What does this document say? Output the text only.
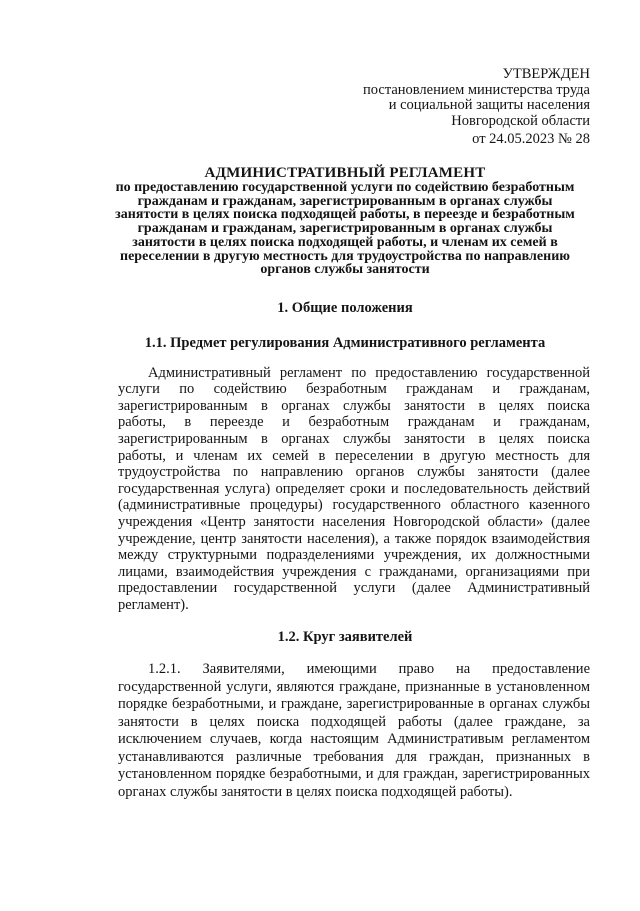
УТВЕРЖДЕН
постановлением министерства труда
и социальной защиты населения
Новгородской области
от 24.05.2023 № 28
АДМИНИСТРАТИВНЫЙ РЕГЛАМЕНТ
по предоставлению государственной услуги по содействию безработным
гражданам и гражданам, зарегистрированным в органах службы
занятости в целях поиска подходящей работы, в переезде и безработным
гражданам и гражданам, зарегистрированным в органах службы
занятости в целях поиска подходящей работы, и членам их семей в
переселении в другую местность для трудоустройства по направлению
органов службы занятости
1. Общие положения
1.1. Предмет регулирования Административного регламента
Административный регламент по предоставлению государственной
услуги по содействию безработным гражданам и гражданам,
зарегистрированным в органах службы занятости в целях поиска
работы, в переезде и безработным гражданам и гражданам,
зарегистрированным в органах службы занятости в целях поиска
работы, и членам их семей в переселении в другую местность для
трудоустройства по направлению органов службы занятости (далее
государственная услуга) определяет сроки и последовательность действий
(административные процедуры) государственного областного казенного
учреждения «Центр занятости населения Новгородской области» (далее
учреждение, центр занятости населения), а также порядок взаимодействия
между структурными подразделениями учреждения, их должностными
лицами, взаимодействия учреждения с гражданами, организациями при
предоставлении государственной услуги (далее Административный
регламент).
1.2. Круг заявителей
1.2.1. Заявителями, имеющими право на предоставление
государственной услуги, являются граждане, признанные в установленном
порядке безработными, и граждане, зарегистрированные в органах службы
занятости в целях поиска подходящей работы (далее граждане, за
исключением случаев, когда настоящим Административым регламентом
устанавливаются различные требования для граждан, признанных в
установленном порядке безработными, и для граждан, зарегистрированных
органах службы занятости в целях поиска подходящей работы).
